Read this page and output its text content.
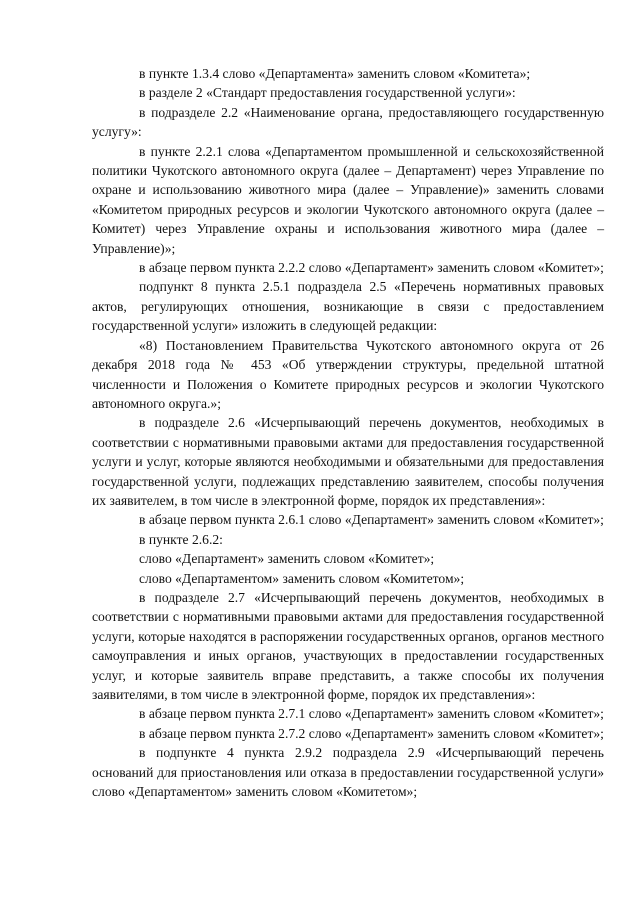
в пункте 1.3.4 слово «Департамента» заменить словом «Комитета»;

в разделе 2 «Стандарт предоставления государственной услуги»:

в подразделе 2.2 «Наименование органа, предоставляющего государственную услугу»:

в пункте 2.2.1 слова «Департаментом промышленной и сельскохозяйственной политики Чукотского автономного округа (далее – Департамент) через Управление по охране и использованию животного мира (далее – Управление)» заменить словами «Комитетом природных ресурсов и экологии Чукотского автономного округа (далее – Комитет) через Управление охраны и использования животного мира (далее – Управление)»;

в абзаце первом пункта 2.2.2 слово «Департамент» заменить словом «Комитет»;

подпункт 8 пункта 2.5.1 подраздела 2.5 «Перечень нормативных правовых актов, регулирующих отношения, возникающие в связи с предоставлением государственной услуги» изложить в следующей редакции:

«8) Постановлением Правительства Чукотского автономного округа от 26 декабря 2018 года № 453 «Об утверждении структуры, предельной штатной численности и Положения о Комитете природных ресурсов и экологии Чукотского автономного округа.»;

в подразделе 2.6 «Исчерпывающий перечень документов, необходимых в соответствии с нормативными правовыми актами для предоставления государственной услуги и услуг, которые являются необходимыми и обязательными для предоставления государственной услуги, подлежащих представлению заявителем, способы получения их заявителем, в том числе в электронной форме, порядок их представления»:

в абзаце первом пункта 2.6.1 слово «Департамент» заменить словом «Комитет»;

в пункте 2.6.2:

слово «Департамент» заменить словом «Комитет»;

слово «Департаментом» заменить словом «Комитетом»;

в подразделе 2.7 «Исчерпывающий перечень документов, необходимых в соответствии с нормативными правовыми актами для предоставления государственной услуги, которые находятся в распоряжении государственных органов, органов местного самоуправления и иных органов, участвующих в предоставлении государственных услуг, и которые заявитель вправе представить, а также способы их получения заявителями, в том числе в электронной форме, порядок их представления»:

в абзаце первом пункта 2.7.1 слово «Департамент» заменить словом «Комитет»;

в абзаце первом пункта 2.7.2 слово «Департамент» заменить словом «Комитет»;

в подпункте 4 пункта 2.9.2 подраздела 2.9 «Исчерпывающий перечень оснований для приостановления или отказа в предоставлении государственной услуги» слово «Департаментом» заменить словом «Комитетом»;
